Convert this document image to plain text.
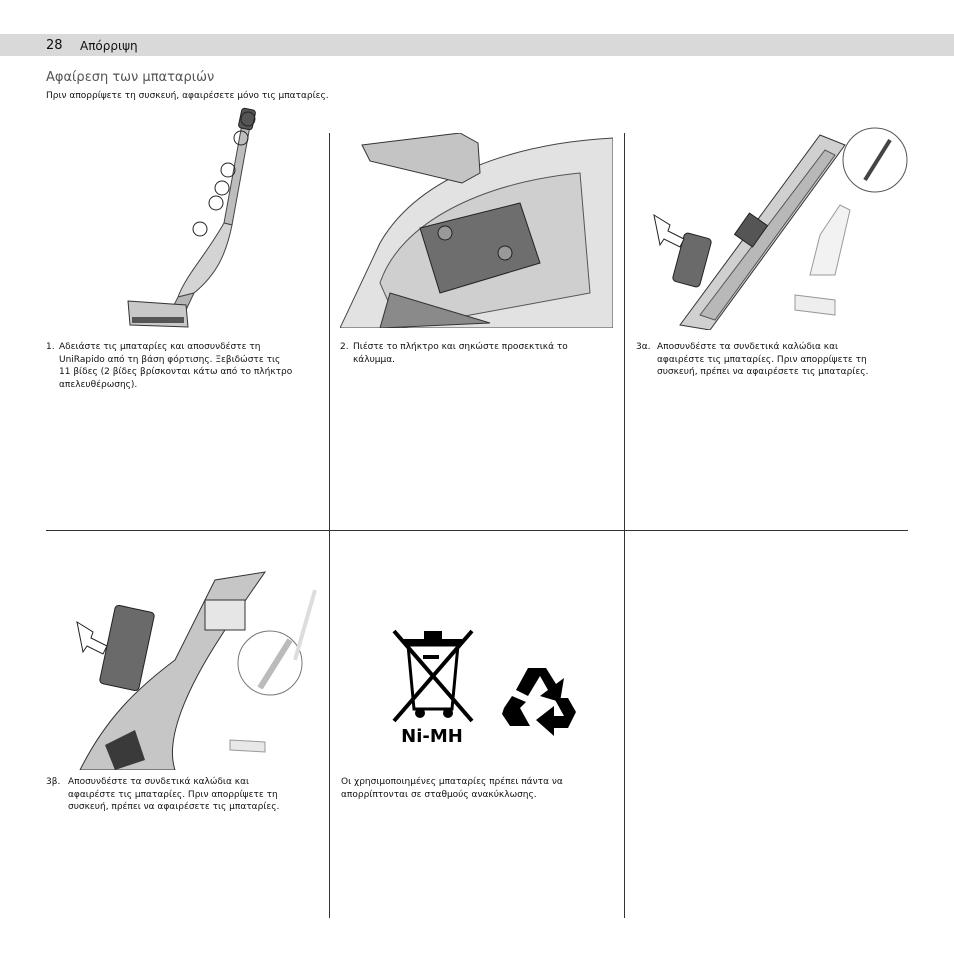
28 Απόρριψη
Αφαίρεση των μπαταριών
Πριν απορρίψετε τη συσκευή, αφαιρέσετε μόνο τις μπαταρίες.
Ni-MH
1. Αδειάστε τις μπαταρίες και αποσυνδέστε τη
UniRapido από τη βάση φόρτισης. Ξεβιδώστε τις
11 βίδες (2 βίδες βρίσκονται κάτω από το πλήκτρο
απελευθέρωσης).
2. Πιέστε το πλήκτρο και σηκώστε προσεκτικά το
κάλυμμα.
3α. Αποσυνδέστε τα συνδετικά καλώδια και
αφαιρέστε τις μπαταρίες. Πριν απορρίψετε τη
συσκευή, πρέπει να αφαιρέσετε τις μπαταρίες.
3β. Αποσυνδέστε τα συνδετικά καλώδια και
αφαιρέστε τις μπαταρίες. Πριν απορρίψετε τη
συσκευή, πρέπει να αφαιρέσετε τις μπαταρίες.
Οι χρησιμοποιημένες μπαταρίες πρέπει πάντα να
απορρίπτονται σε σταθμούς ανακύκλωσης.
